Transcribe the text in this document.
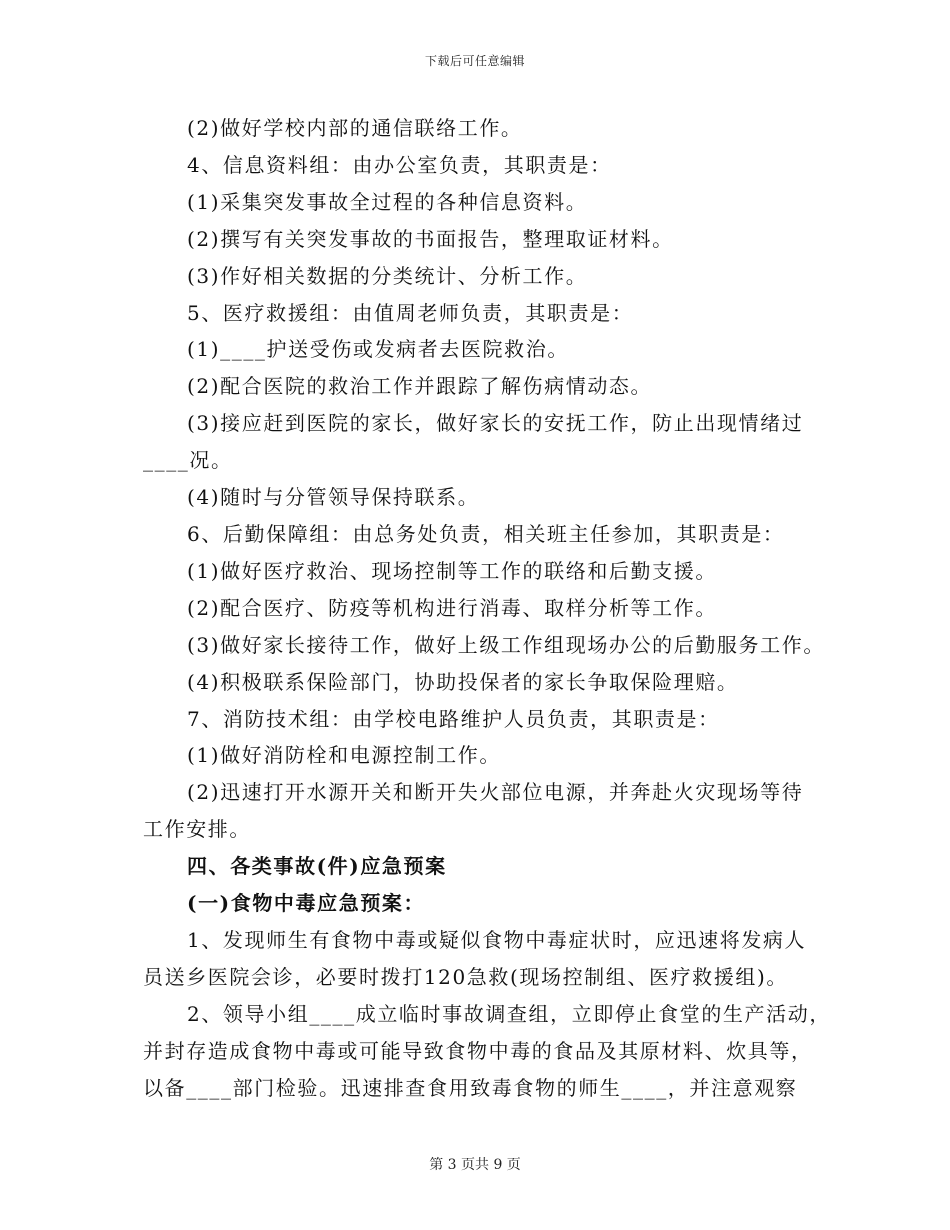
下载后可任意编辑
(2)做好学校内部的通信联络工作。
4、信息资料组：由办公室负责，其职责是：
(1)采集突发事故全过程的各种信息资料。
(2)撰写有关突发事故的书面报告，整理取证材料。
(3)作好相关数据的分类统计、分析工作。
5、医疗救援组：由值周老师负责，其职责是：
(1)____护送受伤或发病者去医院救治。
(2)配合医院的救治工作并跟踪了解伤病情动态。
(3)接应赶到医院的家长，做好家长的安抚工作，防止出现情绪过
____况。
(4)随时与分管领导保持联系。
6、后勤保障组：由总务处负责，相关班主任参加，其职责是：
(1)做好医疗救治、现场控制等工作的联络和后勤支援。
(2)配合医疗、防疫等机构进行消毒、取样分析等工作。
(3)做好家长接待工作，做好上级工作组现场办公的后勤服务工作。
(4)积极联系保险部门，协助投保者的家长争取保险理赔。
7、消防技术组：由学校电路维护人员负责，其职责是：
(1)做好消防栓和电源控制工作。
(2)迅速打开水源开关和断开失火部位电源，并奔赴火灾现场等待
工作安排。
四、各类事故(件)应急预案
(一)食物中毒应急预案：
1、发现师生有食物中毒或疑似食物中毒症状时，应迅速将发病人
员送乡医院会诊，必要时拨打120急救(现场控制组、医疗救援组)。
2、领导小组____成立临时事故调查组，立即停止食堂的生产活动，
并封存造成食物中毒或可能导致食物中毒的食品及其原材料、炊具等，
以备____部门检验。迅速排查食用致毒食物的师生____，并注意观察
第 3 页共 9 页
